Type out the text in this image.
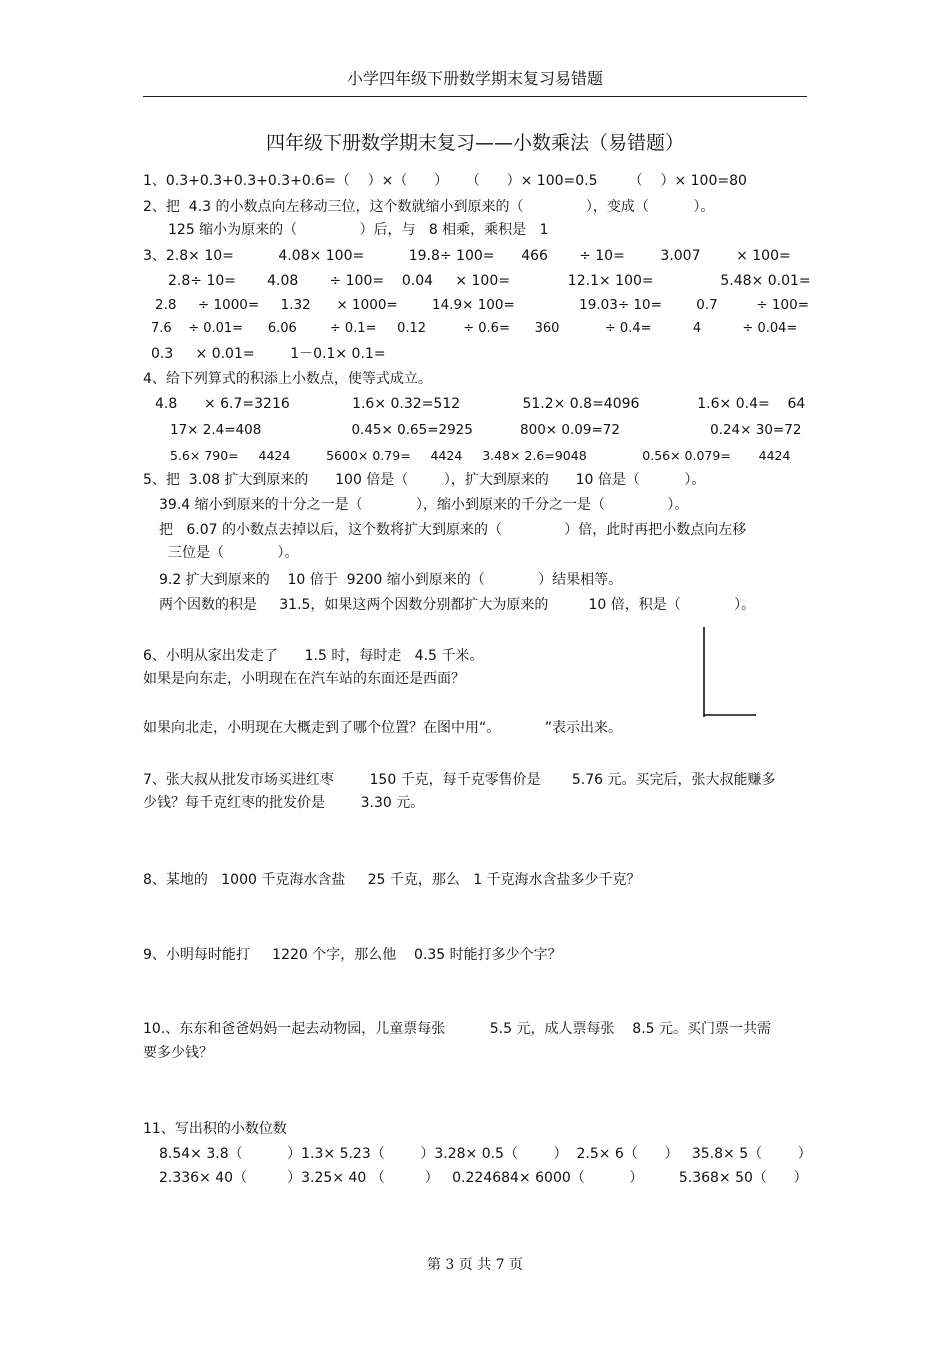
小学四年级下册数学期末复习易错题
四年级下册数学期末复习——小数乘法（易错题）
1、0.3+0.3+0.3+0.3+0.6=（    ）×（      ）    （      ）× 100=0.5       （    ）× 100=80
2、把  4.3 的小数点向左移动三位，这个数就缩小到原来的（              ），变成（          ）。
125 缩小为原来的（              ）后，与   8 相乘，乘积是   1
3、2.8× 10=          4.08× 100=          19.8÷ 100=      466       ÷ 10=        3.007        × 100=
2.8÷ 10=       4.08       ÷ 100=    0.04     × 100=             12.1× 100=               5.48× 0.01=
2.8     ÷ 1000=     1.32      × 1000=        14.9× 100=               19.03÷ 10=        0.7         ÷ 100=
7.6    ÷ 0.01=      6.06        ÷ 0.1=     0.12         ÷ 0.6=      360           ÷ 0.4=          4          ÷ 0.04=
0.3     × 0.01=        1－0.1× 0.1=
4、给下列算式的积添上小数点，使等式成立。
4.8      × 6.7=3216              1.6× 0.32=512              51.2× 0.8=4096             1.6× 0.4=    64
17× 2.4=408                     0.45× 0.65=2925           800× 0.09=72                     0.24× 30=72
5.6× 790=     4424         5600× 0.79=     4424     3.48× 2.6=9048              0.56× 0.079=       4424
5、把  3.08 扩大到原来的      100 倍是（        ），扩大到原来的      10 倍是（          ）。
39.4 缩小到原来的十分之一是（            ），缩小到原来的千分之一是（              ）。
把   6.07 的小数点去掉以后，这个数将扩大到原来的（              ）倍，此时再把小数点向左移
三位是（            ）。
9.2 扩大到原来的    10 倍于  9200 缩小到原来的（            ）结果相等。
两个因数的积是     31.5，如果这两个因数分别都扩大为原来的         10 倍，积是（            ）。
6、小明从家出发走了      1.5 时，每时走   4.5 千米。
如果是向东走，小明现在在汽车站的东面还是西面？
如果向北走，小明现在大概走到了哪个位置？在图中用“。          ”表示出来。
7、张大叔从批发市场买进红枣        150 千克，每千克零售价是       5.76 元。买完后，张大叔能赚多
少钱？每千克红枣的批发价是        3.30 元。
8、某地的   1000 千克海水含盐     25 千克，那么   1 千克海水含盐多少千克？
9、小明每时能打     1220 个字，那么他    0.35 时能打多少个字？
10.、东东和爸爸妈妈一起去动物园，儿童票每张          5.5 元，成人票每张    8.5 元。买门票一共需
要多少钱？
11、写出积的小数位数
8.54× 3.8（          ）1.3× 5.23（        ）3.28× 0.5（        ）  2.5× 6（      ）   35.8× 5（        ）
2.336× 40（         ）3.25× 40 （         ）   0.224684× 6000（          ）        5.368× 50（      ）
第 3 页 共 7 页
